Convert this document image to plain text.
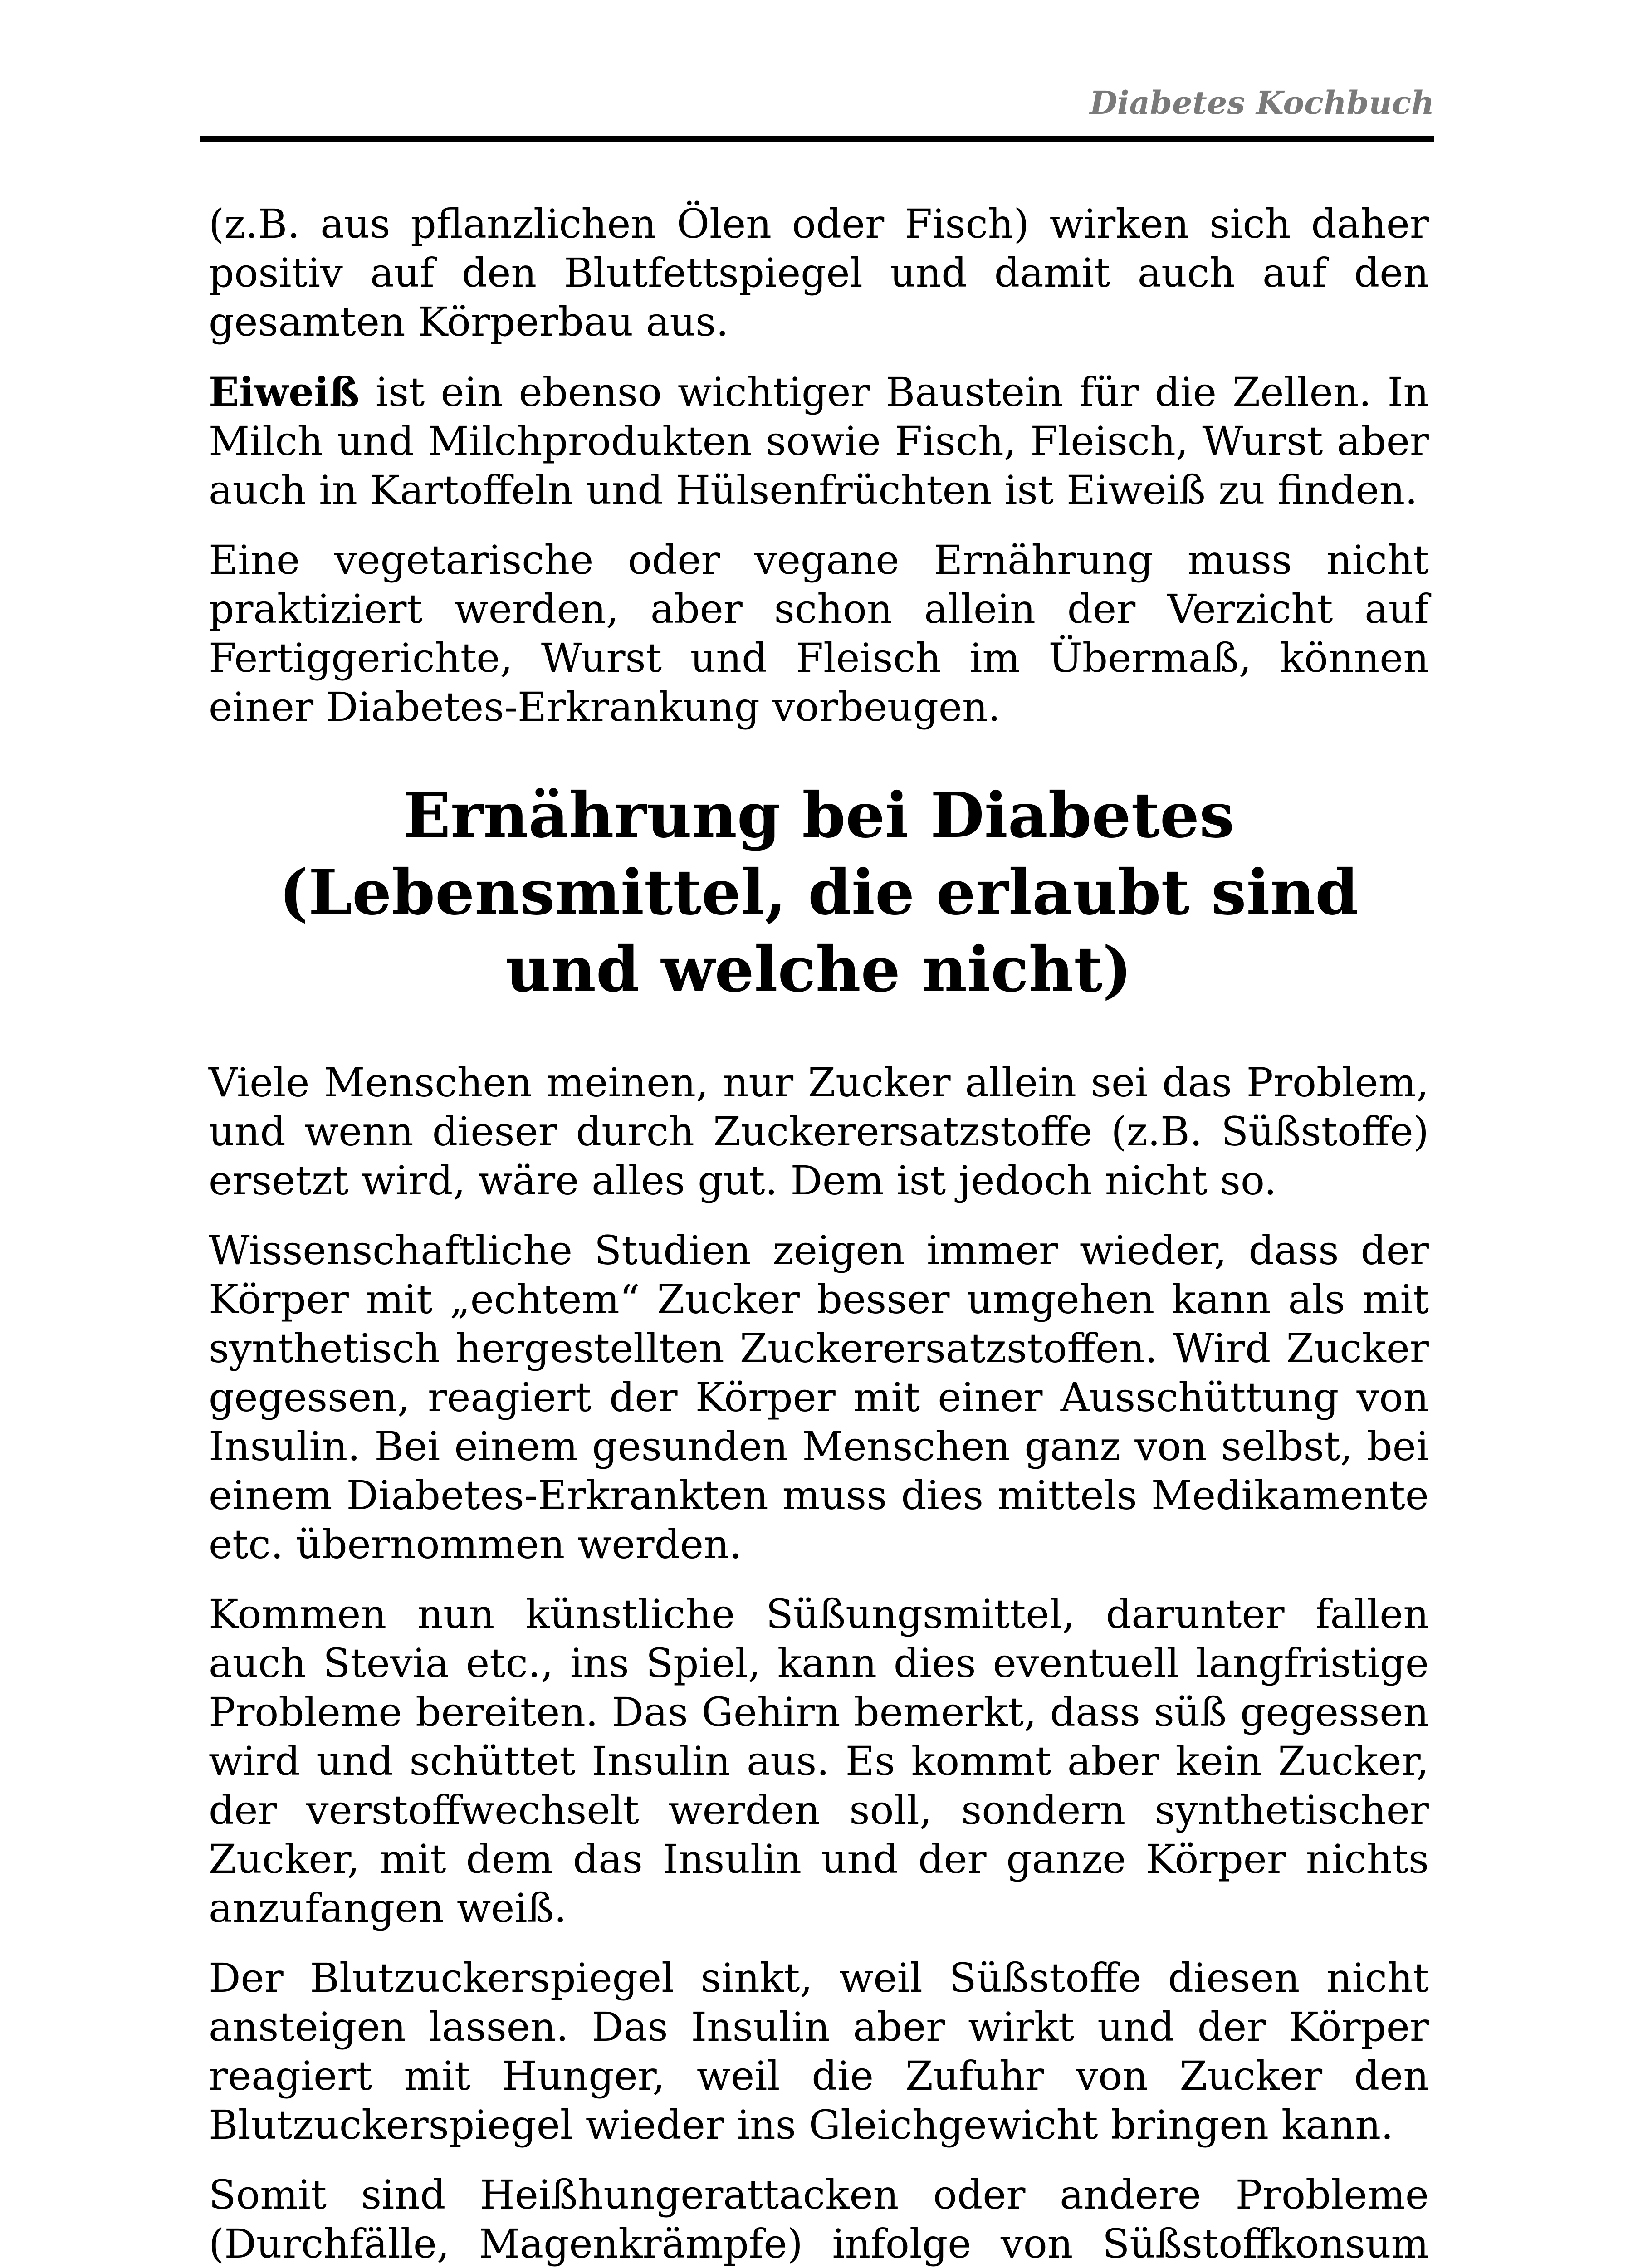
Diabetes Kochbuch

(z.B. aus pflanzlichen Ölen oder Fisch) wirken sich daher positiv auf den Blutfettspiegel und damit auch auf den gesamten Körperbau aus.

Eiweiß ist ein ebenso wichtiger Baustein für die Zellen. In Milch und Milchprodukten sowie Fisch, Fleisch, Wurst aber auch in Kartoffeln und Hülsenfrüchten ist Eiweiß zu finden.

Eine vegetarische oder vegane Ernährung muss nicht praktiziert werden, aber schon allein der Verzicht auf Fertiggerichte, Wurst und Fleisch im Übermaß, können einer Diabetes-Erkrankung vorbeugen.

Ernährung bei Diabetes (Lebensmittel, die erlaubt sind und welche nicht)

Viele Menschen meinen, nur Zucker allein sei das Problem, und wenn dieser durch Zuckerersatzstoffe (z.B. Süßstoffe) ersetzt wird, wäre alles gut. Dem ist jedoch nicht so.

Wissenschaftliche Studien zeigen immer wieder, dass der Körper mit „echtem“ Zucker besser umgehen kann als mit synthetisch hergestellten Zuckerersatzstoffen. Wird Zucker gegessen, reagiert der Körper mit einer Ausschüttung von Insulin. Bei einem gesunden Menschen ganz von selbst, bei einem Diabetes-Erkrankten muss dies mittels Medikamente etc. übernommen werden.

Kommen nun künstliche Süßungsmittel, darunter fallen auch Stevia etc., ins Spiel, kann dies eventuell langfristige Probleme bereiten. Das Gehirn bemerkt, dass süß gegessen wird und schüttet Insulin aus. Es kommt aber kein Zucker, der verstoffwechselt werden soll, sondern synthetischer Zucker, mit dem das Insulin und der ganze Körper nichts anzufangen weiß.

Der Blutzuckerspiegel sinkt, weil Süßstoffe diesen nicht ansteigen lassen. Das Insulin aber wirkt und der Körper reagiert mit Hunger, weil die Zufuhr von Zucker den Blutzuckerspiegel wieder ins Gleichgewicht bringen kann.

Somit sind Heißhungerattacken oder andere Probleme (Durchfälle, Magenkrämpfe) infolge von Süßstoffkonsum
